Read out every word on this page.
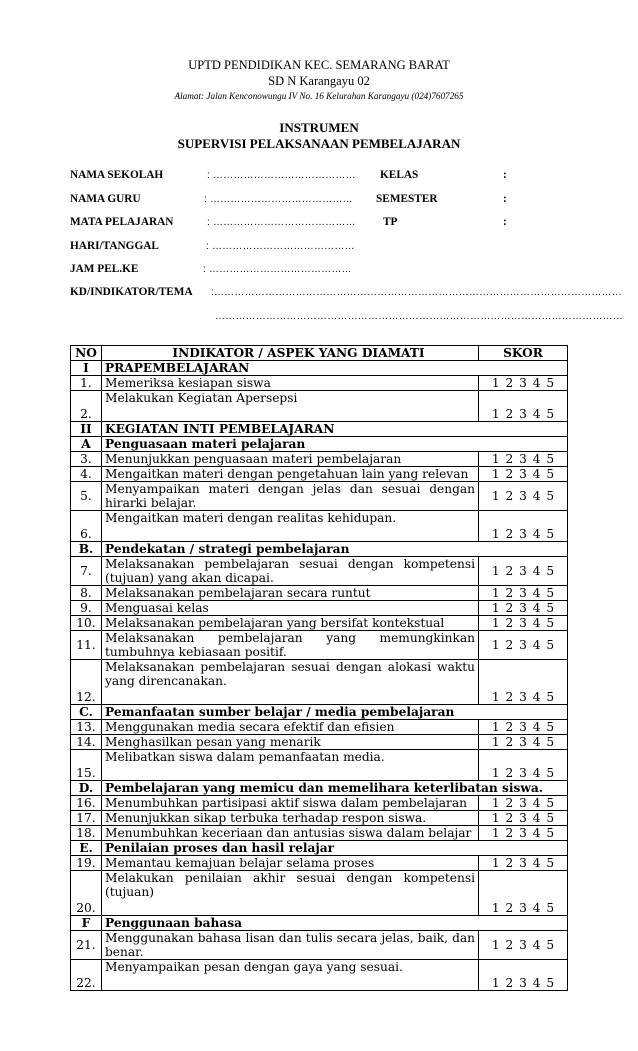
UPTD PENDIDIKAN KEC. SEMARANG BARAT
SD N Karangayu 02
Alamat: Jalan Kenconowungu IV No. 16 Kelurahan Karangayu (024)7607265
INSTRUMEN
SUPERVISI PELAKSANAAN PEMBELAJARAN
NAMA SEKOLAH	: …………………………………… KELAS	:
NAMA GURU	: …………………………………… SEMESTER	:
MATA PELAJARAN	: …………………………………… TP	:
HARI/TANGGAL	: ……………………………………
JAM PEL.KE	: ……………………………………
KD/INDIKATOR/TEMA :…………………………………………………………………………………………………………
…………………………………………………………………………………………………………
NO	INDIKATOR / ASPEK YANG DIAMATI	SKOR
I	PRAPEMBELAJARAN	
1.	Memeriksa kesiapan siswa	1 2 3 4 5
2.	Melakukan Kegiatan Apersepsi	1 2 3 4 5
II	KEGIATAN INTI PEMBELAJARAN	
A	Penguasaan materi pelajaran	
3.	Menunjukkan penguasaan materi pembelajaran	1 2 3 4 5
4.	Mengaitkan materi dengan pengetahuan lain yang relevan	1 2 3 4 5
5.	Menyampaikan materi dengan jelas dan sesuai dengan hirarki belajar.	1 2 3 4 5
6.	Mengaitkan materi dengan realitas kehidupan.	1 2 3 4 5
B.	Pendekatan / strategi pembelajaran	
7.	Melaksanakan pembelajaran sesuai dengan kompetensi (tujuan) yang akan dicapai.	1 2 3 4 5
8.	Melaksanakan pembelajaran secara runtut	1 2 3 4 5
9.	Menguasai kelas	1 2 3 4 5
10.	Melaksanakan pembelajaran yang bersifat kontekstual	1 2 3 4 5
11.	Melaksanakan pembelajaran yang memungkinkan tumbuhnya kebiasaan positif.	1 2 3 4 5
12.	Melaksanakan pembelajaran sesuai dengan alokasi waktu yang direncanakan.	1 2 3 4 5
C.	Pemanfaatan sumber belajar / media pembelajaran	
13.	Menggunakan media secara efektif dan efisien	1 2 3 4 5
14.	Menghasilkan pesan yang menarik	1 2 3 4 5
15.	Melibatkan siswa dalam pemanfaatan media.	1 2 3 4 5
D.	Pembelajaran yang memicu dan memelihara keterlibatan siswa.	
16.	Menumbuhkan partisipasi aktif siswa dalam pembelajaran	1 2 3 4 5
17.	Menunjukkan sikap terbuka terhadap respon siswa.	1 2 3 4 5
18.	Menumbuhkan keceriaan dan antusias siswa dalam belajar	1 2 3 4 5
E.	Penilaian proses dan hasil relajar	
19.	Memantau kemajuan belajar selama proses	1 2 3 4 5
20.	Melakukan penilaian akhir sesuai dengan kompetensi (tujuan)	1 2 3 4 5
F	Penggunaan bahasa	
21.	Menggunakan bahasa lisan dan tulis secara jelas, baik, dan benar.	1 2 3 4 5
22.	Menyampaikan pesan dengan gaya yang sesuai.	1 2 3 4 5
